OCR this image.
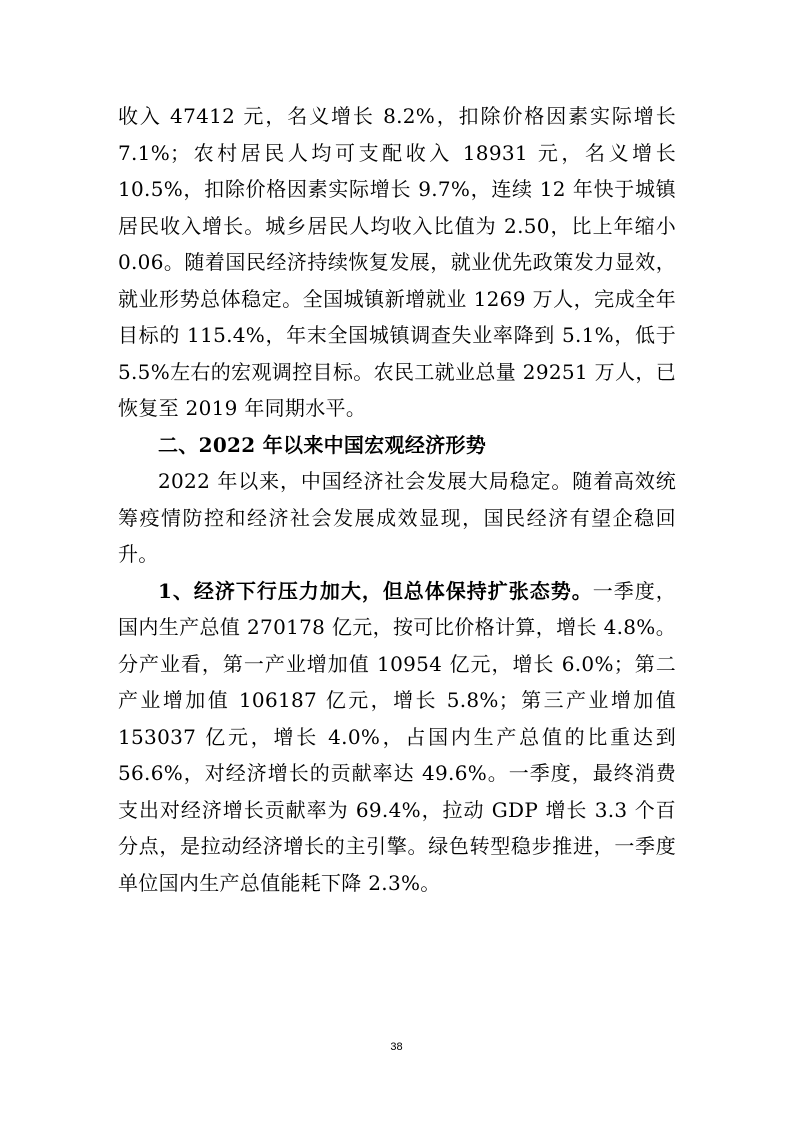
收入 47412 元，名义增长 8.2%，扣除价格因素实际增长 7.1%；农村居民人均可支配收入 18931 元，名义增长 10.5%，扣除价格因素实际增长 9.7%，连续 12 年快于城镇居民收入增长。城乡居民人均收入比值为 2.50，比上年缩小 0.06。随着国民经济持续恢复发展，就业优先政策发力显效，就业形势总体稳定。全国城镇新增就业 1269 万人，完成全年目标的 115.4%，年末全国城镇调查失业率降到 5.1%，低于 5.5%左右的宏观调控目标。农民工就业总量 29251 万人，已恢复至 2019 年同期水平。

二、2022 年以来中国宏观经济形势

2022 年以来，中国经济社会发展大局稳定。随着高效统筹疫情防控和经济社会发展成效显现，国民经济有望企稳回升。

1、经济下行压力加大，但总体保持扩张态势。一季度，国内生产总值 270178 亿元，按可比价格计算，增长 4.8%。分产业看，第一产业增加值 10954 亿元，增长 6.0%；第二产业增加值 106187 亿元，增长 5.8%；第三产业增加值 153037 亿元，增长 4.0%，占国内生产总值的比重达到 56.6%，对经济增长的贡献率达 49.6%。一季度，最终消费支出对经济增长贡献率为 69.4%，拉动 GDP 增长 3.3 个百分点，是拉动经济增长的主引擎。绿色转型稳步推进，一季度单位国内生产总值能耗下降 2.3%。

38
